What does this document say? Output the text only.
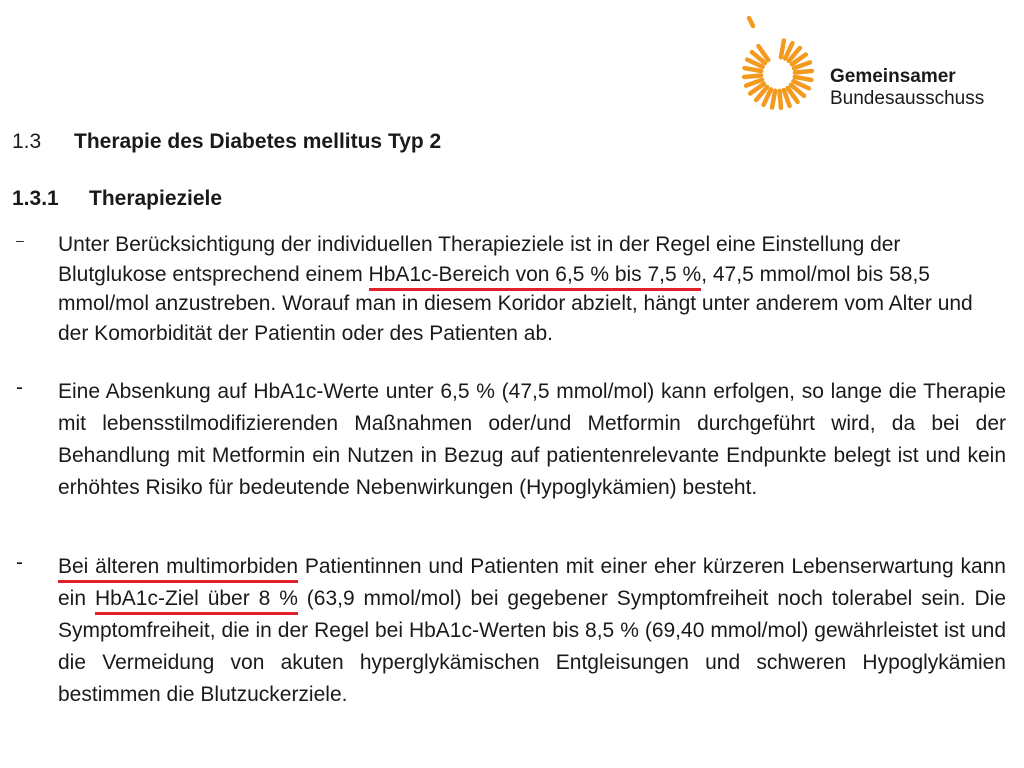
Gemeinsamer
Bundesausschuss
1.3 Therapie des Diabetes mellitus Typ 2
1.3.1 Therapieziele
– Unter Berücksichtigung der individuellen Therapieziele ist in der Regel eine Einstellung der Blutglukose entsprechend einem HbA1c-Bereich von 6,5 % bis 7,5 %, 47,5 mmol/mol bis 58,5 mmol/mol anzustreben. Worauf man in diesem Koridor abzielt, hängt unter anderem vom Alter und der Komorbidität der Patientin oder des Patienten ab.
- Eine Absenkung auf HbA1c-Werte unter 6,5 % (47,5 mmol/mol) kann erfolgen, so lange die Therapie mit lebensstilmodifizierenden Maßnahmen oder/und Metformin durchgeführt wird, da bei der Behandlung mit Metformin ein Nutzen in Bezug auf patientenrelevante Endpunkte belegt ist und kein erhöhtes Risiko für bedeutende Nebenwirkungen (Hypoglykämien) besteht.
- Bei älteren multimorbiden Patientinnen und Patienten mit einer eher kürzeren Lebenserwartung kann ein HbA1c-Ziel über 8 % (63,9 mmol/mol) bei gegebener Symptomfreiheit noch tolerabel sein. Die Symptomfreiheit, die in der Regel bei HbA1c-Werten bis 8,5 % (69,40 mmol/mol) gewährleistet ist und die Vermeidung von akuten hyperglykämischen Entgleisungen und schweren Hypoglykämien bestimmen die Blutzuckerziele.
